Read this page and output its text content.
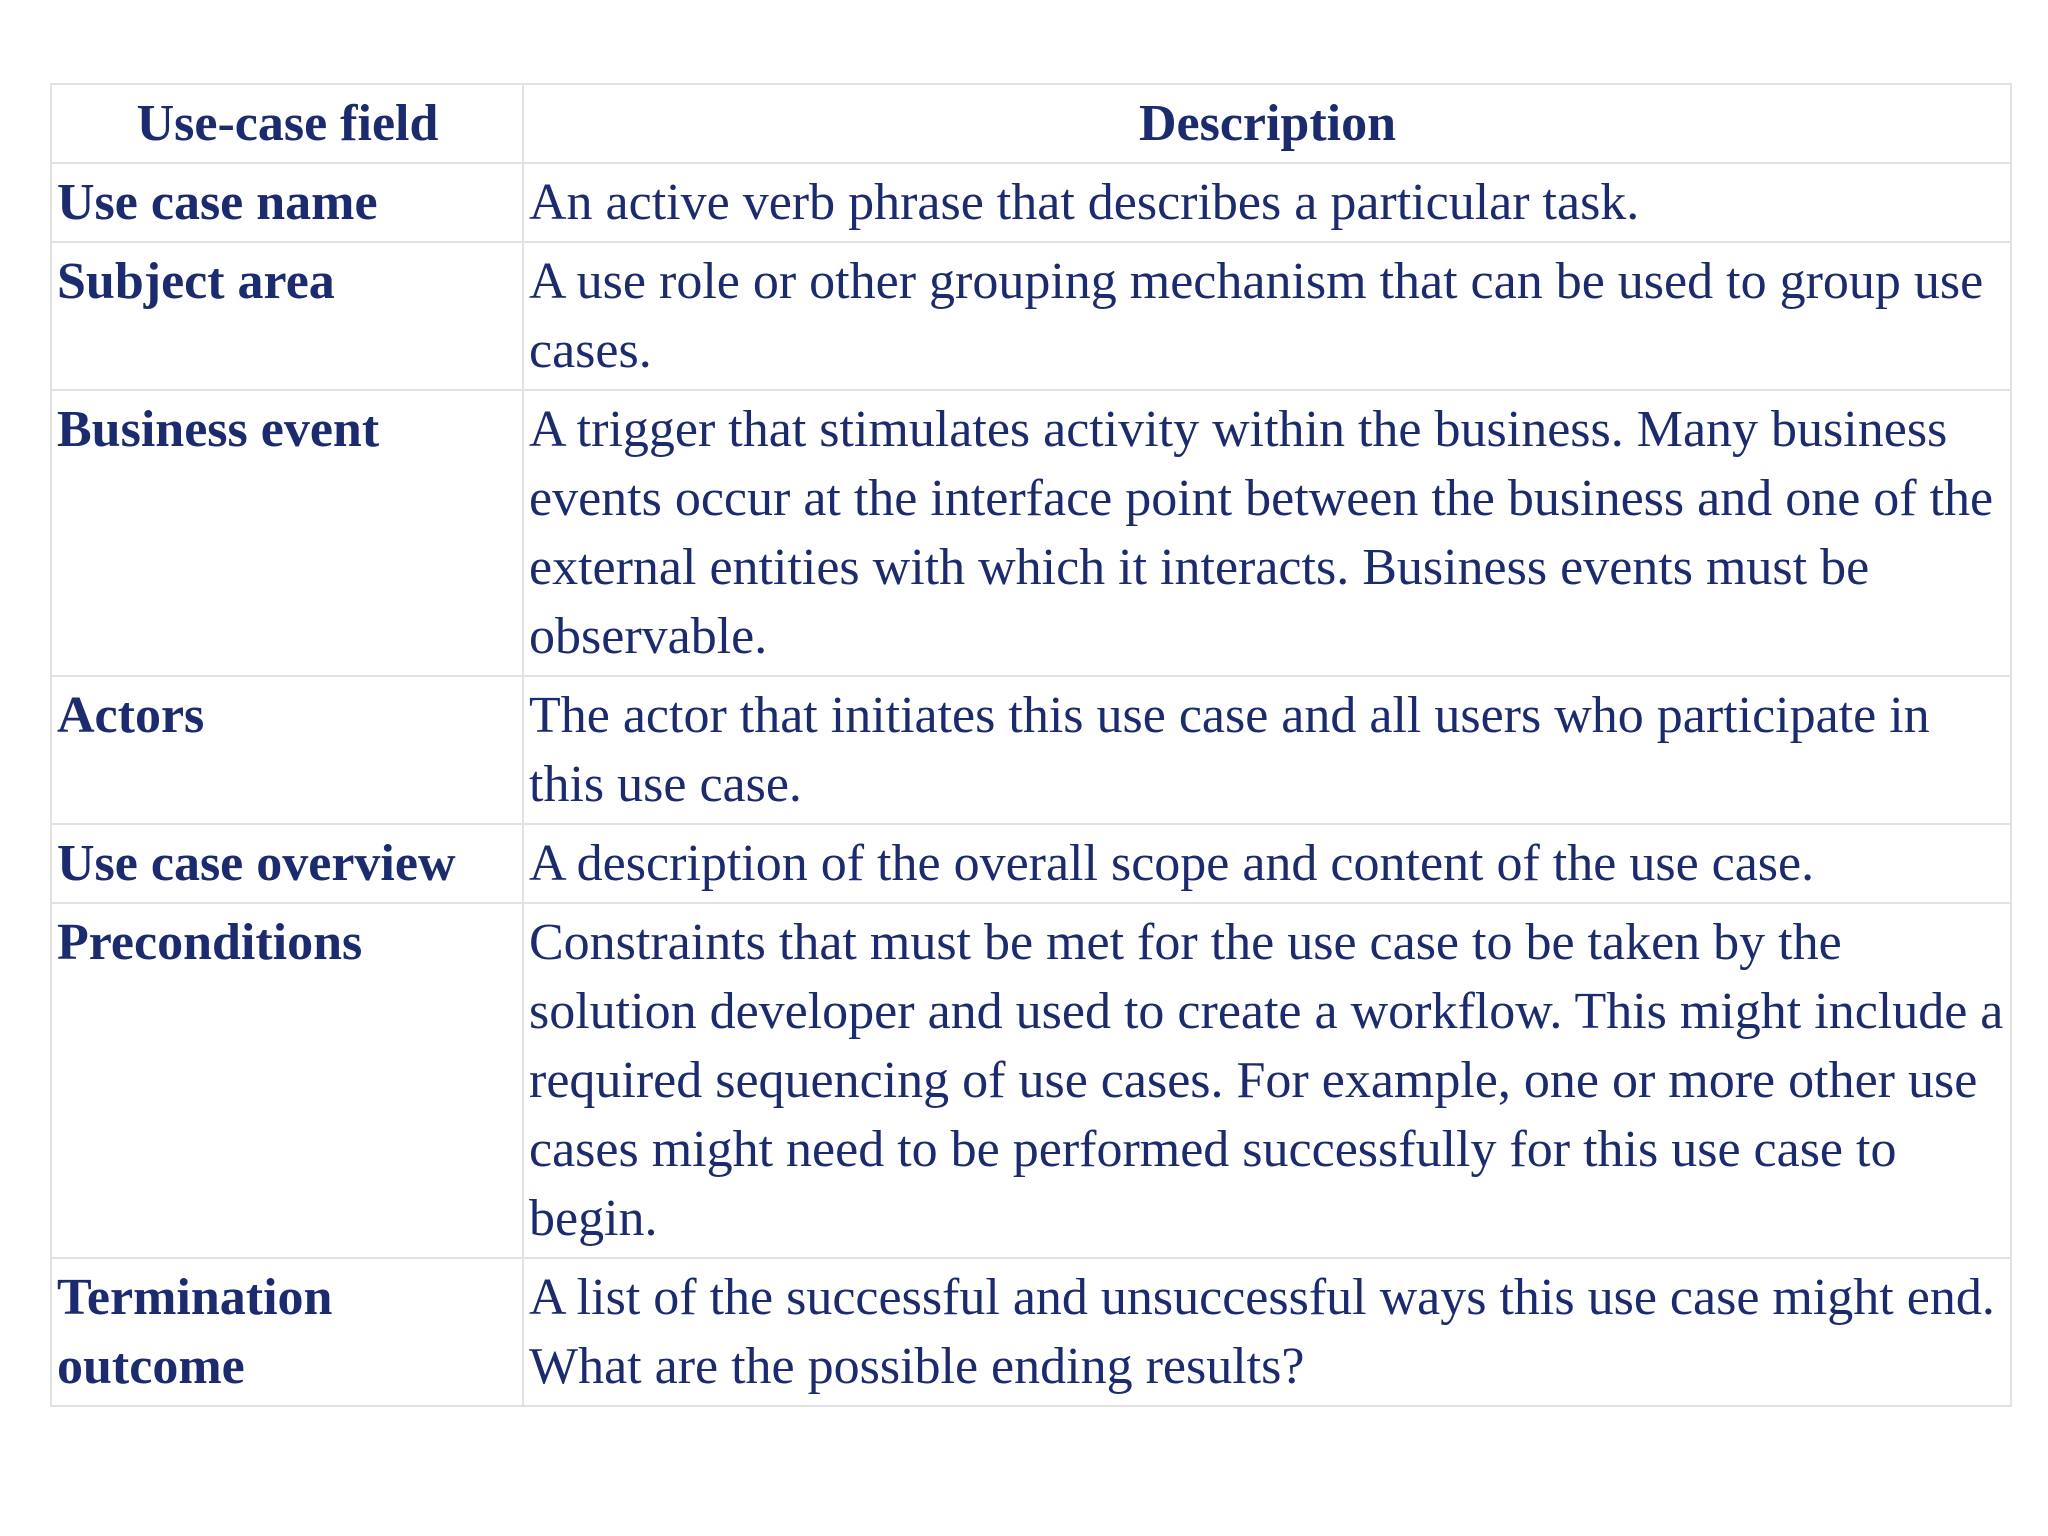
Use-case field	Description
Use case name	An active verb phrase that describes a particular task.
Subject area	A use role or other grouping mechanism that can be used to group use cases.
Business event	A trigger that stimulates activity within the business. Many business events occur at the interface point between the business and one of the external entities with which it interacts. Business events must be observable.
Actors	The actor that initiates this use case and all users who participate in this use case.
Use case overview	A description of the overall scope and content of the use case.
Preconditions	Constraints that must be met for the use case to be taken by the solution developer and used to create a workflow. This might include a required sequencing of use cases. For example, one or more other use cases might need to be performed successfully for this use case to begin.
Termination outcome	A list of the successful and unsuccessful ways this use case might end. What are the possible ending results?
